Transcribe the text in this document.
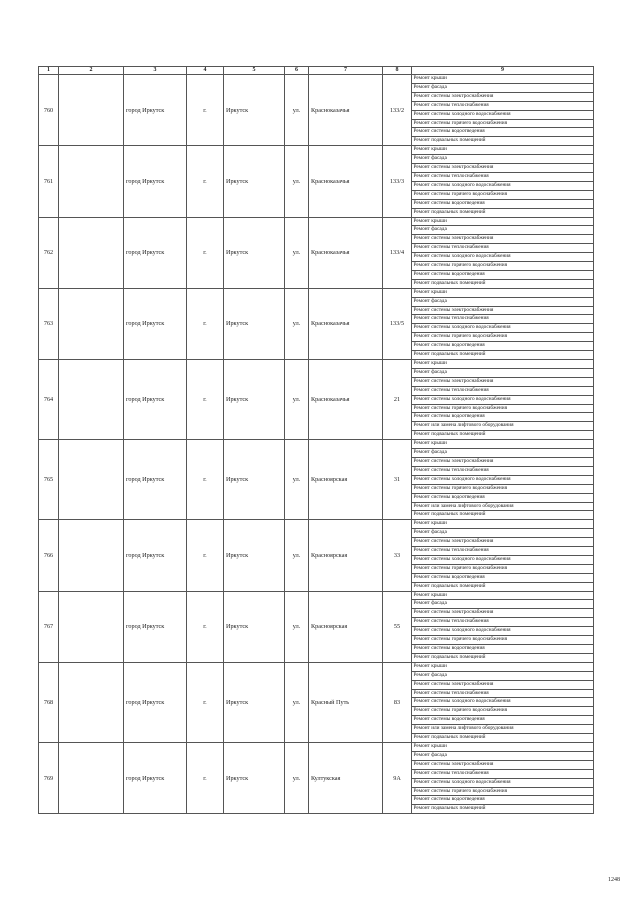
1	2	3	4	5	6	7	8	9
760		город Иркутск	г.	Иркутск	ул.	Красноказачья	133/2	Ремонт крыши
								Ремонт фасада
								Ремонт системы электроснабжения
								Ремонт системы теплоснабжения
								Ремонт системы холодного водоснабжения
								Ремонт системы горячего водоснабжения
								Ремонт системы водоотведения
								Ремонт подвальных помещений
761		город Иркутск	г.	Иркутск	ул.	Красноказачья	133/3	Ремонт крыши
								Ремонт фасада
								Ремонт системы электроснабжения
								Ремонт системы теплоснабжения
								Ремонт системы холодного водоснабжения
								Ремонт системы горячего водоснабжения
								Ремонт системы водоотведения
								Ремонт подвальных помещений
762		город Иркутск	г.	Иркутск	ул.	Красноказачья	133/4	Ремонт крыши
								Ремонт фасада
								Ремонт системы электроснабжения
								Ремонт системы теплоснабжения
								Ремонт системы холодного водоснабжения
								Ремонт системы горячего водоснабжения
								Ремонт системы водоотведения
								Ремонт подвальных помещений
763		город Иркутск	г.	Иркутск	ул.	Красноказачья	133/5	Ремонт крыши
								Ремонт фасада
								Ремонт системы электроснабжения
								Ремонт системы теплоснабжения
								Ремонт системы холодного водоснабжения
								Ремонт системы горячего водоснабжения
								Ремонт системы водоотведения
								Ремонт подвальных помещений
764		город Иркутск	г.	Иркутск	ул.	Красноказачья	21	Ремонт крыши
								Ремонт фасада
								Ремонт системы электроснабжения
								Ремонт системы теплоснабжения
								Ремонт системы холодного водоснабжения
								Ремонт системы горячего водоснабжения
								Ремонт системы водоотведения
								Ремонт или замена лифтового оборудования
								Ремонт подвальных помещений
765		город Иркутск	г.	Иркутск	ул.	Красноярская	31	Ремонт крыши
								Ремонт фасада
								Ремонт системы электроснабжения
								Ремонт системы теплоснабжения
								Ремонт системы холодного водоснабжения
								Ремонт системы горячего водоснабжения
								Ремонт системы водоотведения
								Ремонт или замена лифтового оборудования
								Ремонт подвальных помещений
766		город Иркутск	г.	Иркутск	ул.	Красноярская	33	Ремонт крыши
								Ремонт фасада
								Ремонт системы электроснабжения
								Ремонт системы теплоснабжения
								Ремонт системы холодного водоснабжения
								Ремонт системы горячего водоснабжения
								Ремонт системы водоотведения
								Ремонт подвальных помещений
767		город Иркутск	г.	Иркутск	ул.	Красноярская	55	Ремонт крыши
								Ремонт фасада
								Ремонт системы электроснабжения
								Ремонт системы теплоснабжения
								Ремонт системы холодного водоснабжения
								Ремонт системы горячего водоснабжения
								Ремонт системы водоотведения
								Ремонт подвальных помещений
768		город Иркутск	г.	Иркутск	ул.	Красный Путь	83	Ремонт крыши
								Ремонт фасада
								Ремонт системы электроснабжения
								Ремонт системы теплоснабжения
								Ремонт системы холодного водоснабжения
								Ремонт системы горячего водоснабжения
								Ремонт системы водоотведения
								Ремонт или замена лифтового оборудования
								Ремонт подвальных помещений
769		город Иркутск	г.	Иркутск	ул.	Култукская	9А	Ремонт крыши
								Ремонт фасада
								Ремонт системы электроснабжения
								Ремонт системы теплоснабжения
								Ремонт системы холодного водоснабжения
								Ремонт системы горячего водоснабжения
								Ремонт системы водоотведения
								Ремонт подвальных помещений
1248
